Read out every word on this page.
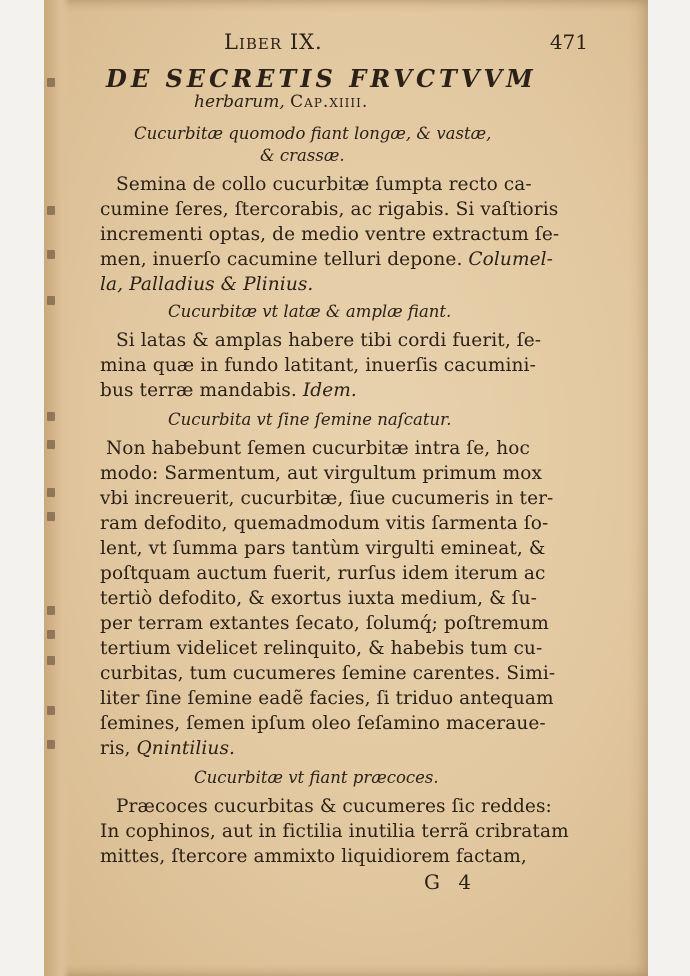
Liber IX.	471
DE SECRETIS FRVCTVVM
herbarum, Cap.xiiii.
Cucurbitæ quomodo fiant longæ, & vastæ,
& crassæ.
Semina de collo cucurbitæ ſumpta recto ca-
cumine ſeres, ſtercorabis, ac rigabis. Si vaſtioris
incrementi optas, de medio ventre extractum ſe-
men, inuerſo cacumine telluri depone. Columel-
la, Palladius & Plinius.
Cucurbitæ vt latæ & amplæ fiant.
Si latas & amplas habere tibi cordi fuerit, ſe-
mina quæ in fundo latitant, inuerſis cacumini-
bus terræ mandabis. Idem.
Cucurbita vt ſine ſemine naſcatur.
Non habebunt ſemen cucurbitæ intra ſe, hoc
modo: Sarmentum, aut virgultum primum mox
vbi increuerit, cucurbitæ, ſiue cucumeris in ter-
ram defodito, quemadmodum vitis ſarmenta ſo-
lent, vt ſumma pars tantùm virgulti emineat, &
poſtquam auctum fuerit, rurſus idem iterum ac
tertiò defodito, & exortus iuxta medium, & ſu-
per terram extantes ſecato, ſolumq́; poſtremum
tertium videlicet relinquito, & habebis tum cu-
curbitas, tum cucumeres ſemine carentes. Simi-
liter ſine ſemine eadẽ facies, ſi triduo antequam
ſemines, ſemen ipſum oleo ſeſamino maceraue-
ris, Qnintilius.
Cucurbitæ vt fiant præcoces.
Præcoces cucurbitas & cucumeres ſic reddes:
In cophinos, aut in fictilia inutilia terrã cribratam
mittes, ſtercore ammixto liquidiorem factam,
G 4
